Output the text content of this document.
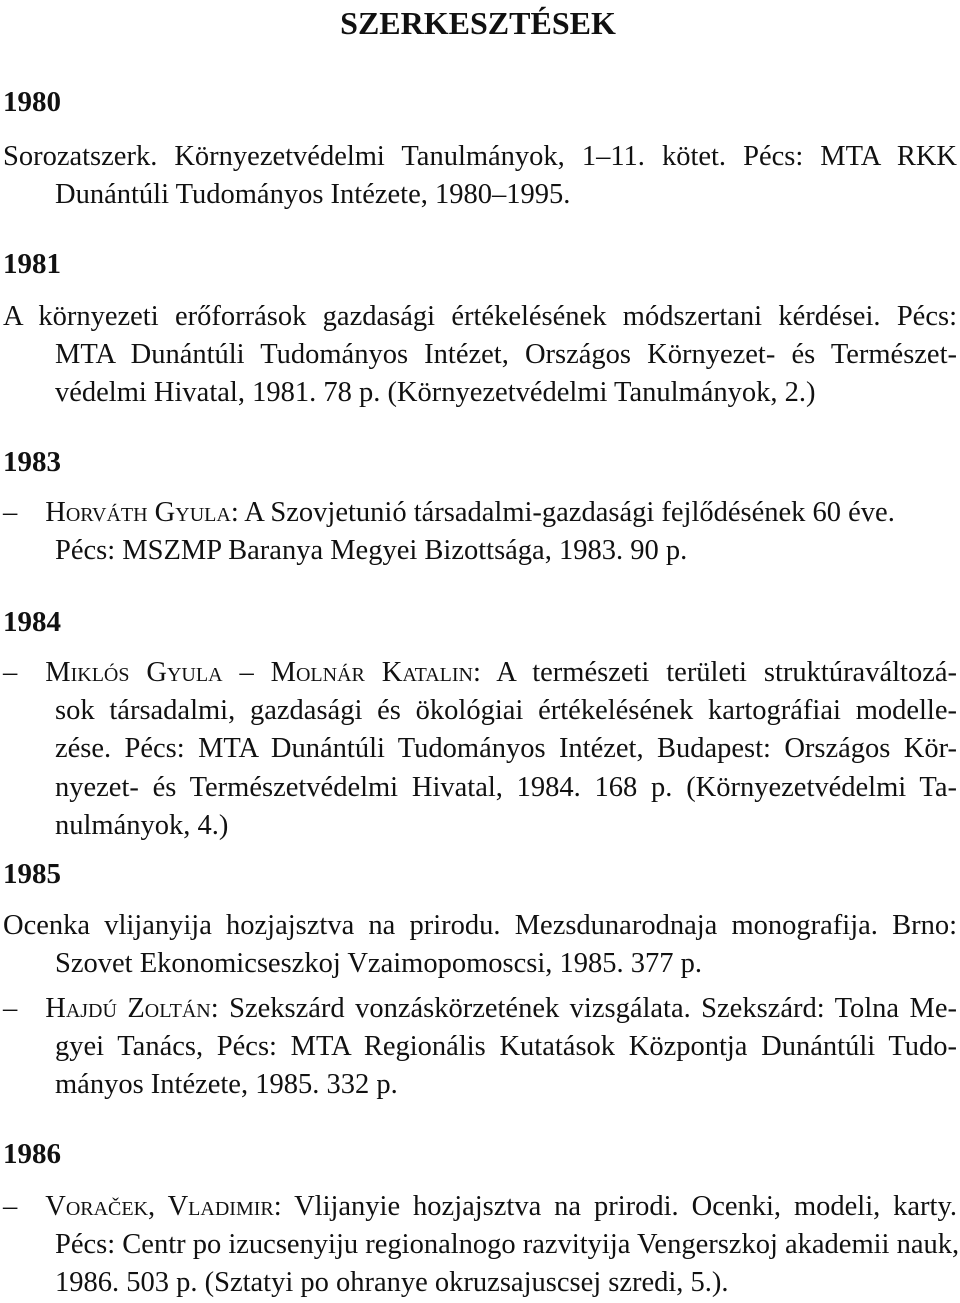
SZERKESZTÉSEK
1980
Sorozatszerk. Környezetvédelmi Tanulmányok, 1–11. kötet. Pécs: MTA RKK
Dunántúli Tudományos Intézete, 1980–1995.
1981
A környezeti erőforrások gazdasági értékelésének módszertani kérdései. Pécs:
MTA Dunántúli Tudományos Intézet, Országos Környezet- és Természet-
védelmi Hivatal, 1981. 78 p. (Környezetvédelmi Tanulmányok, 2.)
1983
– Horváth Gyula: A Szovjetunió társadalmi-gazdasági fejlődésének 60 éve.
Pécs: MSZMP Baranya Megyei Bizottsága, 1983. 90 p.
1984
– Miklós Gyula – Molnár Katalin: A természeti területi struktúraváltozá-
sok társadalmi, gazdasági és ökológiai értékelésének kartográfiai modelle-
zése. Pécs: MTA Dunántúli Tudományos Intézet, Budapest: Országos Kör-
nyezet- és Természetvédelmi Hivatal, 1984. 168 p. (Környezetvédelmi Ta-
nulmányok, 4.)
1985
Ocenka vlijanyija hozjajsztva na prirodu. Mezsdunarodnaja monografija. Brno:
Szovet Ekonomicseszkoj Vzaimopomoscsi, 1985. 377 p.
– Hajdú Zoltán: Szekszárd vonzáskörzetének vizsgálata. Szekszárd: Tolna Me-
gyei Tanács, Pécs: MTA Regionális Kutatások Központja Dunántúli Tudo-
mányos Intézete, 1985. 332 p.
1986
– Voraček, Vladimir: Vlijanyie hozjajsztva na prirodi. Ocenki, modeli, karty.
Pécs: Centr po izucsenyiju regionalnogo razvityija Vengerszkoj akademii nauk,
1986. 503 p. (Sztatyi po ohranye okruzsajuscsej szredi, 5.).
